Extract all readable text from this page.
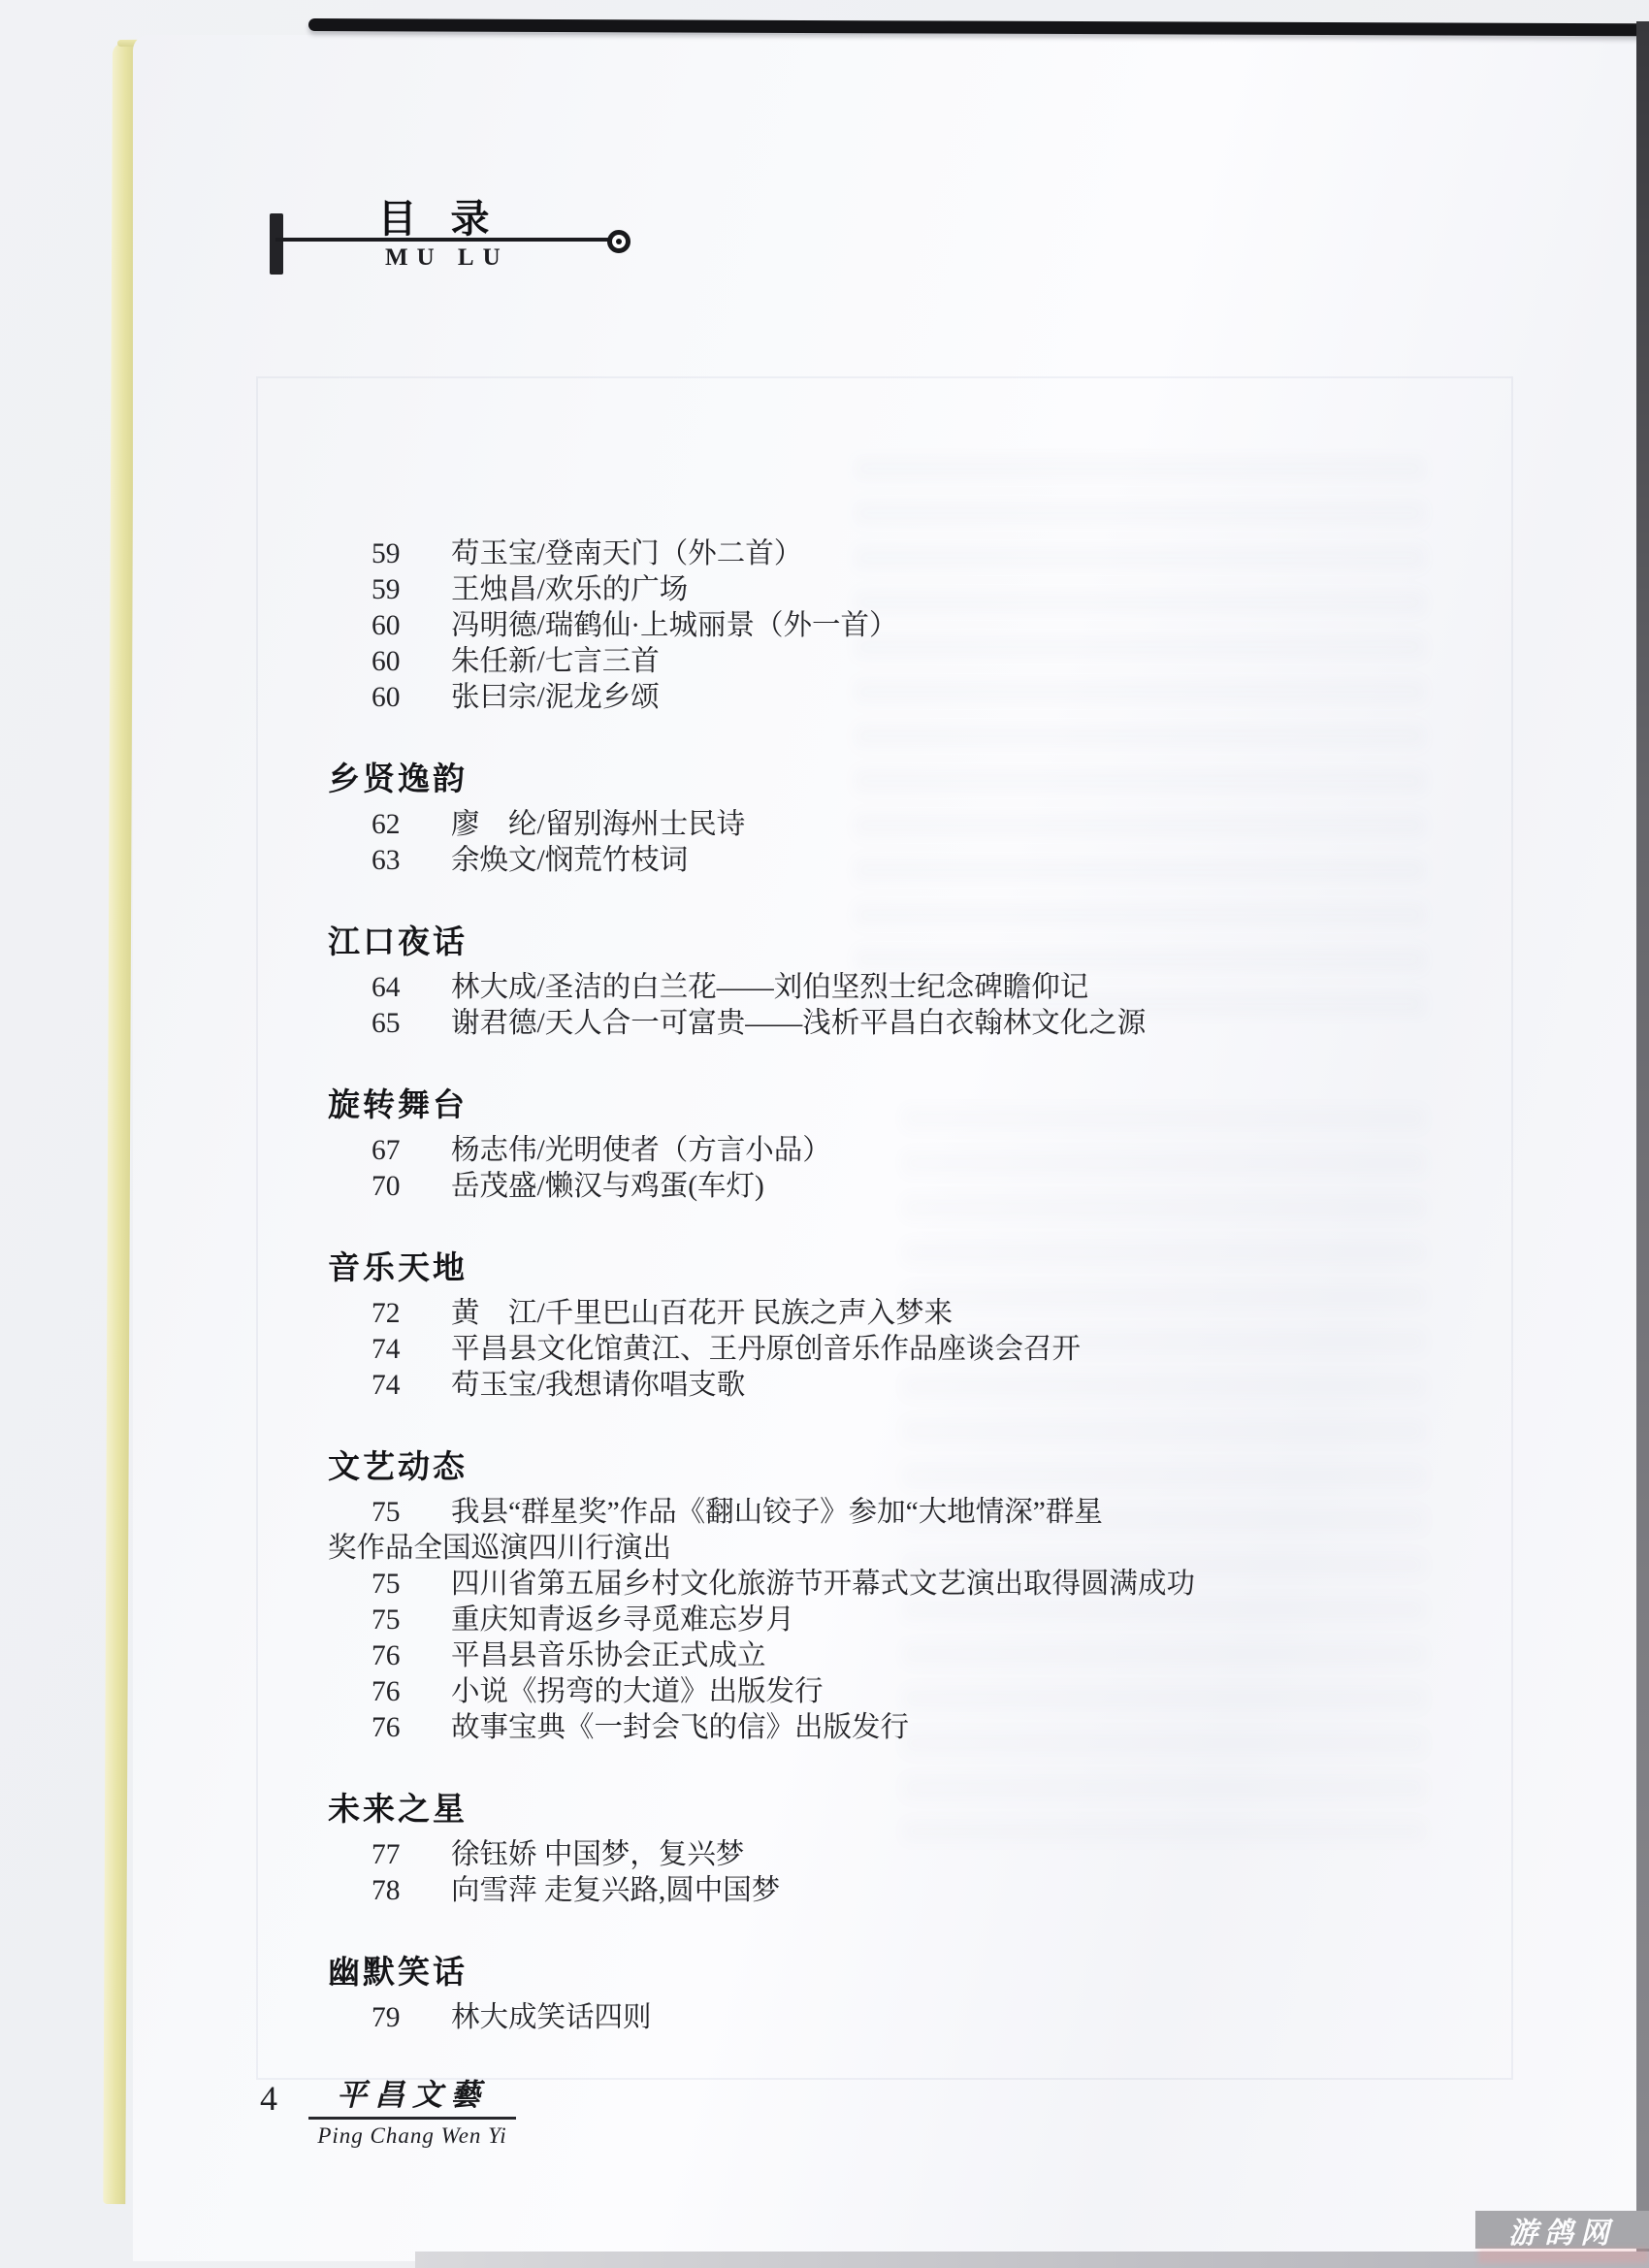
目 录
MU LU
59 苟玉宝/登南天门（外二首）
59 王烛昌/欢乐的广场
60 冯明德/瑞鹤仙·上城丽景（外一首）
60 朱任新/七言三首
60 张曰宗/泥龙乡颂
乡贤逸韵
62 廖　纶/留别海州士民诗
63 余焕文/悯荒竹枝词
江口夜话
64 林大成/圣洁的白兰花——刘伯坚烈士纪念碑瞻仰记
65 谢君德/天人合一可富贵——浅析平昌白衣翰林文化之源
旋转舞台
67 杨志伟/光明使者（方言小品）
70 岳茂盛/懒汉与鸡蛋(车灯)
音乐天地
72 黄　江/千里巴山百花开 民族之声入梦来
74 平昌县文化馆黄江、王丹原创音乐作品座谈会召开
74 苟玉宝/我想请你唱支歌
文艺动态
75 我县“群星奖”作品《翻山铰子》参加“大地情深”群星
奖作品全国巡演四川行演出
75 四川省第五届乡村文化旅游节开幕式文艺演出取得圆满成功
75 重庆知青返乡寻觅难忘岁月
76 平昌县音乐协会正式成立
76 小说《拐弯的大道》出版发行
76 故事宝典《一封会飞的信》出版发行
未来之星
77 徐钰娇 中国梦，复兴梦
78 向雪萍 走复兴路,圆中国梦
幽默笑话
79 林大成笑话四则
4	平昌文藝
Ping Chang Wen Yi
游鸽网
